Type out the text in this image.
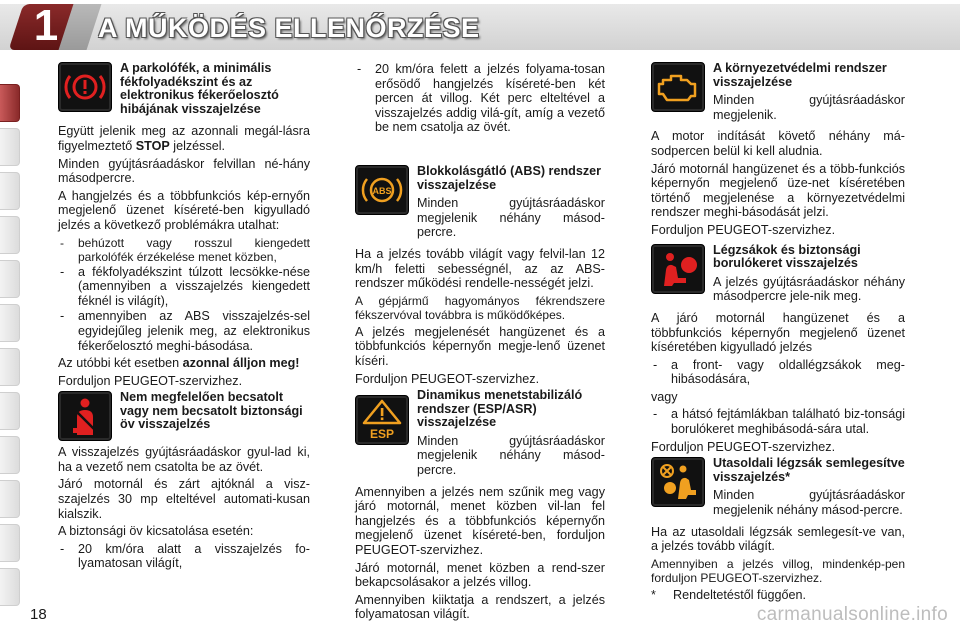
1 A MŰKÖDÉS ELLENŐRZÉSE
A parkolófék, a minimális fékfolyadékszint és az elektronikus fékerőelosztó hibájának visszajelzése

Együtt jelenik meg az azonnali megál-lásra figyelmeztető STOP jelzéssel.

Minden gyújtásráadáskor felvillan né-hány másodpercre.

A hangjelzés és a többfunkciós kép-ernyőn megjelenő üzenet kíséreté-ben kigyulladó jelzés a következő problémákra utalhat:

- behúzott vagy rosszul kiengedett parkolófék érzékelése menet közben,
- a fékfolyadékszint túlzott lecsökke-nése (amennyiben a visszajelzés kiengedett féknél is világít),
- amennyiben az ABS visszajelzés-sel egyidejűleg jelenik meg, az elektronikus fékerőelosztó meghi-básodása.

Az utóbbi két esetben azonnal álljon meg!

Forduljon PEUGEOT-szervizhez.

Nem megfelelően becsatolt vagy nem becsatolt biztonsági öv visszajelzés

A visszajelzés gyújtásráadáskor gyul-lad ki, ha a vezető nem csatolta be az övét.

Járó motornál és zárt ajtóknál a visz-szajelzés 30 mp elteltével automati-kusan kialszik.

A biztonsági öv kicsatolása esetén:

- 20 km/óra alatt a visszajelzés fo-lyamatosan világít,
- 20 km/óra felett a jelzés folyama-tosan erősödő hangjelzés kíséreté-ben két percen át villog. Két perc elteltével a visszajelzés addig vilá-gít, amíg a vezető be nem csatolja az övét.
ABS
Blokkolásgátló (ABS) rendszer visszajelzése

Minden gyújtásráadáskor megjelenik néhány másod-percre.

Ha a jelzés tovább világít vagy felvil-lan 12 km/h feletti sebességnél, az az ABS-rendszer működési rendelle-nességét jelzi.

A gépjármű hagyományos fékrendszere fékszervóval továbbra is működőképes.

A jelzés megjelenését hangüzenet és a többfunkciós képernyőn megje-lenő üzenet kíséri.

Forduljon PEUGEOT-szervizhez.

ESP
Dinamikus menetstabilizáló rendszer (ESP/ASR) visszajelzése

Minden gyújtásráadáskor megjelenik néhány másod-percre.

Amennyiben a jelzés nem szűnik meg vagy járó motornál, menet közben vil-lan fel hangjelzés és a többfunkciós képernyőn megjelenő üzenet kíséreté-ben, forduljon PEUGEOT-szervizhez.

Járó motornál, menet közben a rend-szer bekapcsolásakor a jelzés villog.

Amennyiben kiiktatja a rendszert, a jelzés folyamatosan világít.

A környezetvédelmi rendszer visszajelzése

Minden gyújtásráadáskor megjelenik.

A motor indítását követő néhány má-sodpercen belül ki kell aludnia.

Járó motornál hangüzenet és a több-funkciós képernyőn megjelenő üze-net kíséretében történő megjelenése a környezetvédelmi rendszer meghi-básodását jelzi.

Forduljon PEUGEOT-szervizhez.

Légzsákok és biztonsági borulókeret visszajelzés

A jelzés gyújtásráadáskor néhány másodpercre jele-nik meg.

A járó motornál hangüzenet és a többfunkciós képernyőn megjelenő üzenet kíséretében kigyulladó jelzés

- a front- vagy oldallégzsákok meg-hibásodására,

vagy

- a hátsó fejtámlákban található biz-tonsági borulókeret meghibásodá-sára utal.

Forduljon PEUGEOT-szervizhez.

Utasoldali légzsák semlegesítve visszajelzés*

Minden gyújtásráadáskor megjelenik néhány másod-percre.

Ha az utasoldali légzsák semlegesít-ve van, a jelzés tovább világít.

Amennyiben a jelzés villog, mindenkép-pen forduljon PEUGEOT-szervizhez.

*	Rendeltetéstől függően.
18	carmanualsonline.info
